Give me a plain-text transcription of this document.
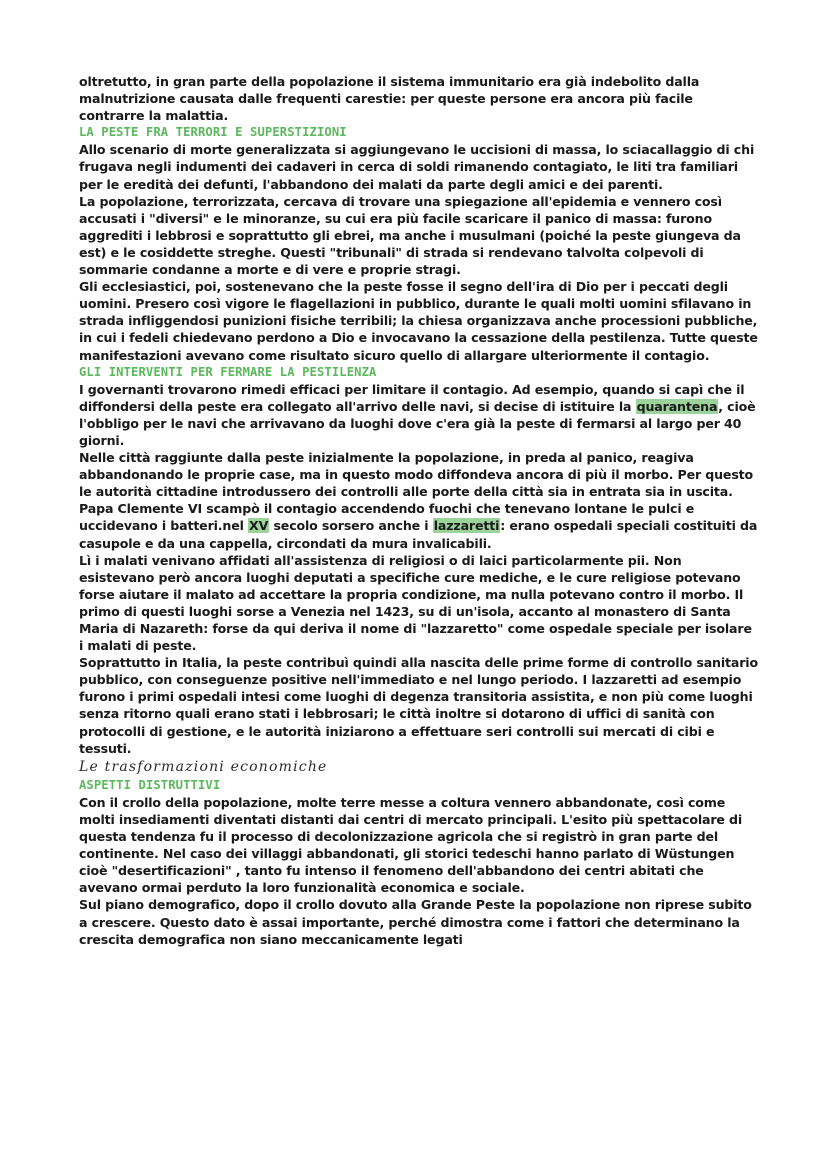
oltretutto, in gran parte della popolazione il sistema immunitario era già indebolito dalla malnutrizione causata dalle frequenti carestie: per queste persone era ancora più facile contrarre la malattia.

LA PESTE FRA TERRORI E SUPERSTIZIONI

Allo scenario di morte generalizzata si aggiungevano le uccisioni di massa, lo sciacallaggio di chi frugava negli indumenti dei cadaveri in cerca di soldi rimanendo contagiato, le liti tra familiari per le eredità dei defunti, l'abbandono dei malati da parte degli amici e dei parenti.

La popolazione, terrorizzata, cercava di trovare una spiegazione all'epidemia e vennero così accusati i "diversi" e le minoranze, su cui era più facile scaricare il panico di massa: furono aggrediti i lebbrosi e soprattutto gli ebrei, ma anche i musulmani (poiché la peste giungeva da est) e le cosiddette streghe. Questi "tribunali" di strada si rendevano talvolta colpevoli di sommarie condanne a morte e di vere e proprie stragi.

Gli ecclesiastici, poi, sostenevano che la peste fosse il segno dell'ira di Dio per i peccati degli uomini. Presero così vigore le flagellazioni in pubblico, durante le quali molti uomini sfilavano in strada infliggendosi punizioni fisiche terribili; la chiesa organizzava anche processioni pubbliche, in cui i fedeli chiedevano perdono a Dio e invocavano la cessazione della pestilenza. Tutte queste manifestazioni avevano come risultato sicuro quello di allargare ulteriormente il contagio.

GLI INTERVENTI PER FERMARE LA PESTILENZA

I governanti trovarono rimedi efficaci per limitare il contagio. Ad esempio, quando si capì che il diffondersi della peste era collegato all'arrivo delle navi, si decise di istituire la quarantena, cioè l'obbligo per le navi che arrivavano da luoghi dove c'era già la peste di fermarsi al largo per 40 giorni.

Nelle città raggiunte dalla peste inizialmente la popolazione, in preda al panico, reagiva abbandonando le proprie case, ma in questo modo diffondeva ancora di più il morbo. Per questo le autorità cittadine introdussero dei controlli alle porte della città sia in entrata sia in uscita.

Papa Clemente VI scampò il contagio accendendo fuochi che tenevano lontane le pulci e uccidevano i batteri.nel XV secolo sorsero anche i lazzaretti: erano ospedali speciali costituiti da casupole e da una cappella, circondati da mura invalicabili.

Lì i malati venivano affidati all'assistenza di religiosi o di laici particolarmente pii. Non esistevano però ancora luoghi deputati a specifiche cure mediche, e le cure religiose potevano forse aiutare il malato ad accettare la propria condizione, ma nulla potevano contro il morbo. Il primo di questi luoghi sorse a Venezia nel 1423, su di un'isola, accanto al monastero di Santa Maria di Nazareth: forse da qui deriva il nome di "lazzaretto" come ospedale speciale per isolare i malati di peste.

Soprattutto in Italia, la peste contribuì quindi alla nascita delle prime forme di controllo sanitario pubblico, con conseguenze positive nell'immediato e nel lungo periodo. I lazzaretti ad esempio furono i primi ospedali intesi come luoghi di degenza transitoria assistita, e non più come luoghi senza ritorno quali erano stati i lebbrosari; le città inoltre si dotarono di uffici di sanità con protocolli di gestione, e le autorità iniziarono a effettuare seri controlli sui mercati di cibi e tessuti.

Le trasformazioni economiche

ASPETTI DISTRUTTIVI

Con il crollo della popolazione, molte terre messe a coltura vennero abbandonate, così come molti insediamenti diventati distanti dai centri di mercato principali. L'esito più spettacolare di questa tendenza fu il processo di decolonizzazione agricola che si registrò in gran parte del continente. Nel caso dei villaggi abbandonati, gli storici tedeschi hanno parlato di Wüstungen cioè "desertificazioni" , tanto fu intenso il fenomeno dell'abbandono dei centri abitati che avevano ormai perduto la loro funzionalità economica e sociale.

Sul piano demografico, dopo il crollo dovuto alla Grande Peste la popolazione non riprese subito a crescere. Questo dato è assai importante, perché dimostra come i fattori che determinano la crescita demografica non siano meccanicamente legati
